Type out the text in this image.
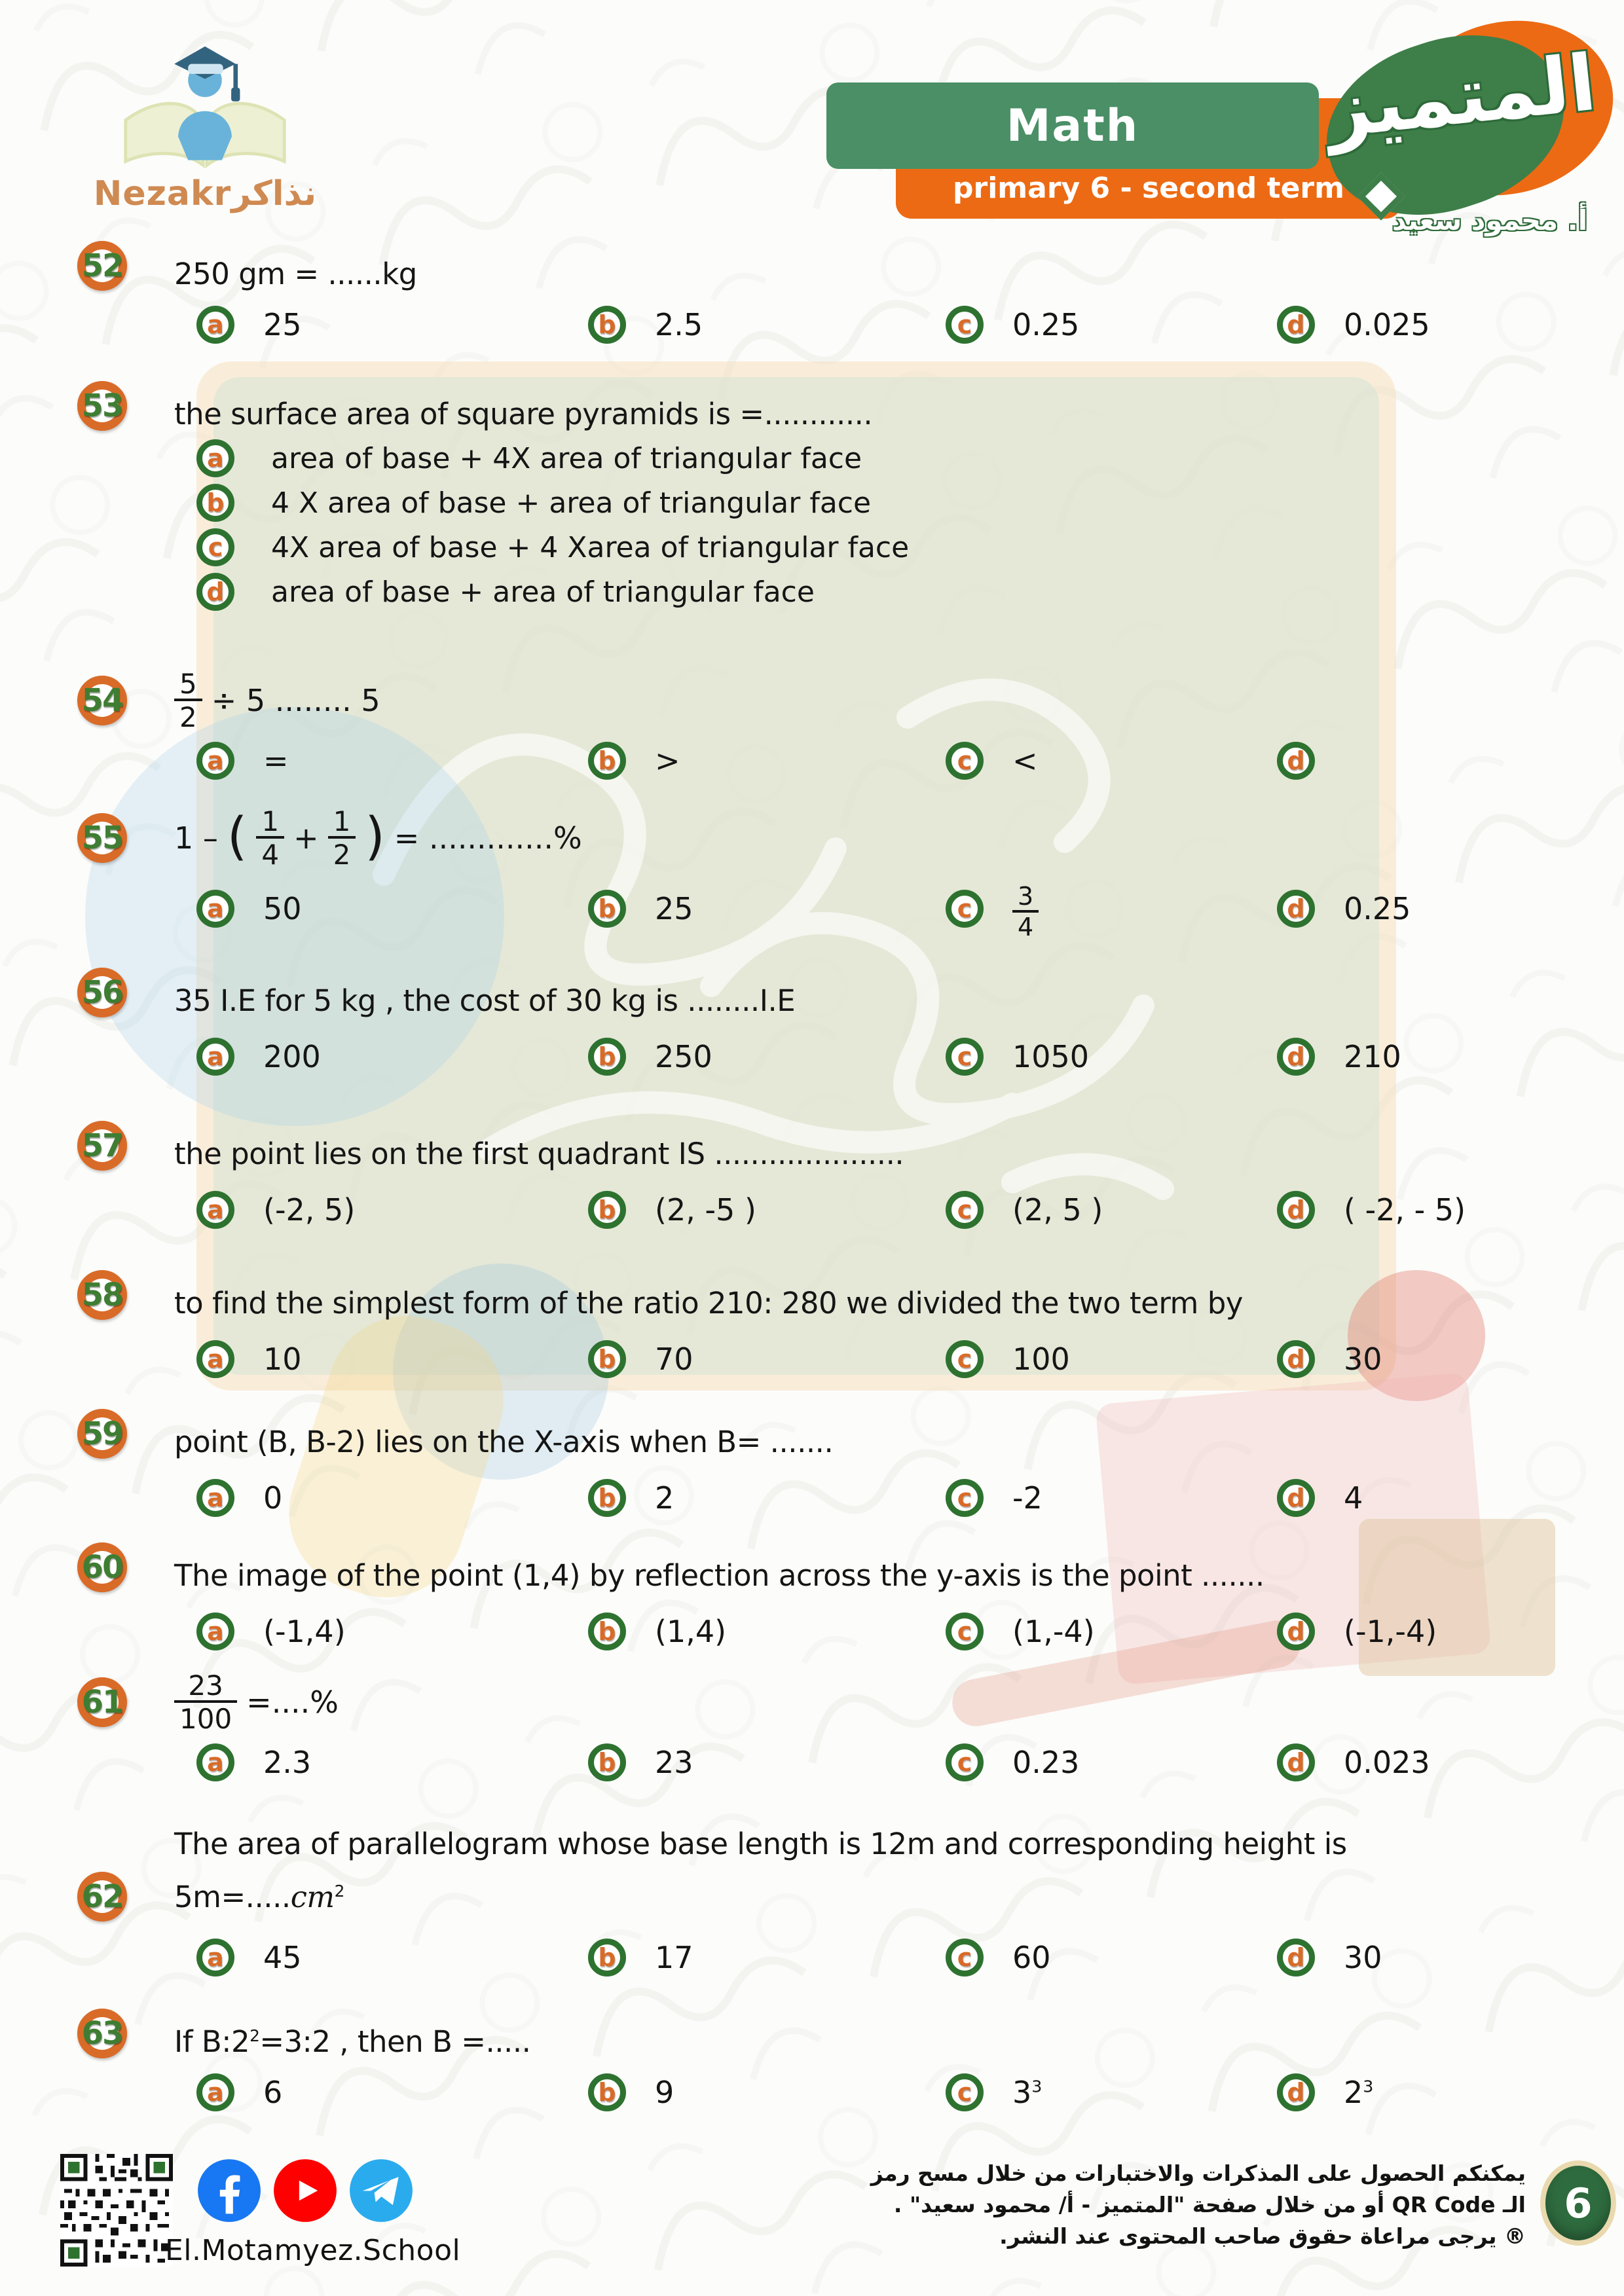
Nezakrنذاكر
Math
primary 6 - second term
المتميز
أ. محمود سعيد
52 250 gm = ......kg
a 25	b 2.5	c 0.25	d 0.025
53 the surface area of square pyramids is =............
a area of base + 4X area of triangular face
b 4 X area of base + area of triangular face
c 4X area of base + 4 Xarea of triangular face
d area of base + area of triangular face
$54 \frac{5}{2} \div 5$ ........ 5
a =	b >	c <	d
55 1 – ( $\frac{1}{4} + \frac{1}{2}$ ) = .............%
a 50	b 25	c $\frac{3}{4}$	d 0.25
56 35 I.E for 5 kg , the cost of 30 kg is ........I.E
a 200	b 250	c 1050	d 210
57 the point lies on the first quadrant IS .....................
a (-2, 5)	b (2, -5 )	c (2, 5 )	d ( -2, - 5)
58 to find the simplest form of the ratio 210: 280 we divided the two term by
a 10	b 70	c 100	d 30
59 point (B, B-2) lies on the X-axis when B= .......
a 0	b 2	c -2	d 4
60 The image of the point (1,4) by reflection across the y-axis is the point .......
a (-1,4)	b (1,4)	c (1,-4)	d (-1,-4)
$61 \frac{23}{100}$ =....%
a 2.3	b 23	c 0.23	d 0.023
The area of parallelogram whose base length is 12m and corresponding height is
62 $5m=.....cm^2$
a 45	b 17	c 60	d 30
63 If $B:2^2=3:2$ , then B =.....
a 6	b 9	c $3^3$	d $2^3$
El.Motamyez.School
يمكنكم الحصول على المذكرات والاختبارات من خلال مسح رمز
الـ QR Code أو من خلال صفحة "المتميز - أ/ محمود سعيد" .
® يرجى مراعاة حقوق صاحب المحتوى عند النشر.
6
